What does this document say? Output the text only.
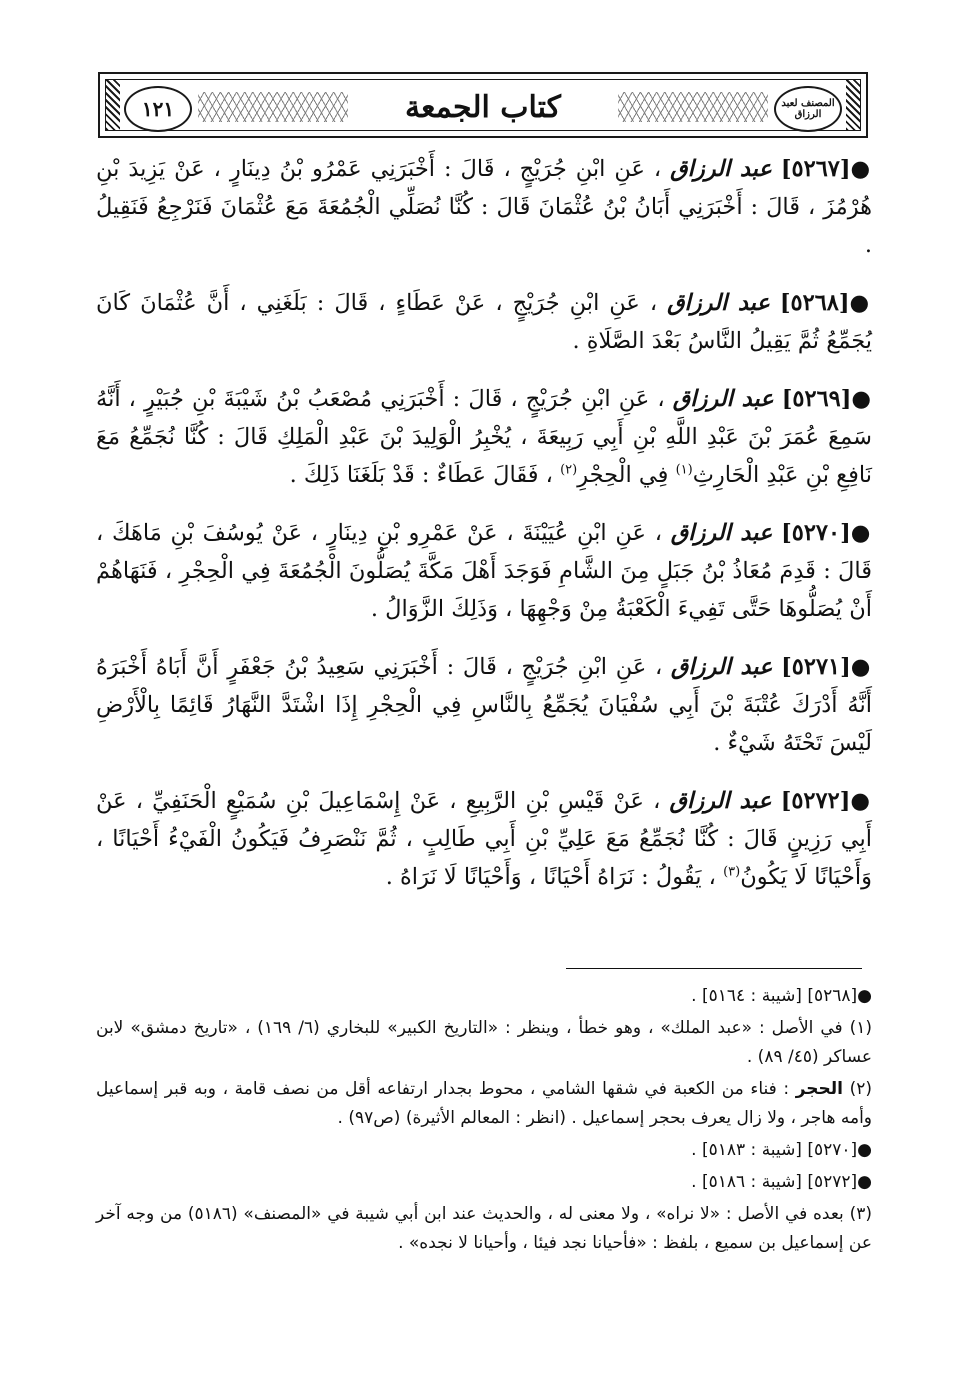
١٢١	كتاب الجمعة	المصنف لعبد الرزاق

●[٥٢٦٧] عبد الرزاق ، عَنِ ابْنِ جُرَيْجٍ ، قَالَ : أَخْبَرَنِي عَمْرُو بْنُ دِينَارٍ ، عَنْ يَزِيدَ بْنِ هُرْمُزَ ، قَالَ : أَخْبَرَنِي أَبَانُ بْنُ عُثْمَانَ قَالَ : كُنَّا نُصَلِّي الْجُمُعَةَ مَعَ عُثْمَانَ فَنَرْجِعُ فَنَقِيلُ .

●[٥٢٦٨] عبد الرزاق ، عَنِ ابْنِ جُرَيْجٍ ، عَنْ عَطَاءٍ ، قَالَ : بَلَغَنِي ، أَنَّ عُثْمَانَ كَانَ يُجَمِّعُ ثُمَّ يَقِيلُ النَّاسُ بَعْدَ الصَّلَاةِ .

●[٥٢٦٩] عبد الرزاق ، عَنِ ابْنِ جُرَيْجٍ ، قَالَ : أَخْبَرَنِي مُصْعَبُ بْنُ شَيْبَةَ بْنِ جُبَيْرٍ ، أَنَّهُ سَمِعَ عُمَرَ بْنَ عَبْدِ اللَّهِ بْنِ أَبِي رَبِيعَةَ ، يُخْبِرُ الْوَلِيدَ بْنَ عَبْدِ الْمَلِكِ قَالَ : كُنَّا نُجَمِّعُ مَعَ نَافِعِ بْنِ عَبْدِ الْحَارِثِ$^{(١)}$ فِي الْحِجْرِ$^{(٢)}$ ، فَقَالَ عَطَاءٌ : قَدْ بَلَغَنَا ذَلِكَ .

●[٥٢٧٠] عبد الرزاق ، عَنِ ابْنِ عُيَيْنَةَ ، عَنْ عَمْرِو بْنِ دِينَارٍ ، عَنْ يُوسُفَ بْنِ مَاهَكَ ، قَالَ : قَدِمَ مُعَاذُ بْنُ جَبَلٍ مِنَ الشَّامِ فَوَجَدَ أَهْلَ مَكَّةَ يُصَلُّونَ الْجُمُعَةَ فِي الْحِجْرِ ، فَنَهَاهُمْ أَنْ يُصَلُّوهَا حَتَّى تَفِيءَ الْكَعْبَةُ مِنْ وَجْهِهَا ، وَذَلِكَ الزَّوَالُ .

●[٥٢٧١] عبد الرزاق ، عَنِ ابْنِ جُرَيْجٍ ، قَالَ : أَخْبَرَنِي سَعِيدُ بْنُ جَعْفَرٍ أَنَّ أَبَاهُ أَخْبَرَهُ أَنَّهُ أَدْرَكَ عُتْبَةَ بْنَ أَبِي سُفْيَانَ يُجَمِّعُ بِالنَّاسِ فِي الْحِجْرِ إِذَا اشْتَدَّ النَّهَارُ قَائِمًا بِالْأَرْضِ لَيْسَ تَحْتَهُ شَيْءٌ .

●[٥٢٧٢] عبد الرزاق ، عَنْ قَيْسِ بْنِ الرَّبِيعِ ، عَنْ إِسْمَاعِيلَ بْنِ سُمَيْعٍ الْحَنَفِيِّ ، عَنْ أَبِي رَزِينٍ قَالَ : كُنَّا نُجَمِّعُ مَعَ عَلِيِّ بْنِ أَبِي طَالِبٍ ، ثُمَّ نَنْصَرِفُ فَيَكُونُ الْفَيْءُ أَحْيَانًا ، وَأَحْيَانًا لَا يَكُونُ$^{(٣)}$ ، يَقُولُ : نَرَاهُ أَحْيَانًا ، وَأَحْيَانًا لَا نَرَاهُ .

●[٥٢٦٨] [شيبة : ٥١٦٤] .

(١) في الأصل : «عبد الملك» ، وهو خطأ ، وينظر : «التاريخ الكبير» للبخاري (٦/ ١٦٩) ، «تاريخ دمشق» لابن عساكر (٤٥/ ٨٩) .

(٢) الحجر : فناء من الكعبة في شقها الشامي ، محوط بجدار ارتفاعه أقل من نصف قامة ، وبه قبر إسماعيل وأمه هاجر ، ولا زال يعرف بحجر إسماعيل . (انظر : المعالم الأثيرة) (ص٩٧) .

●[٥٢٧٠] [شيبة : ٥١٨٣] .

●[٥٢٧٢] [شيبة : ٥١٨٦] .

(٣) بعده في الأصل : «لا نراه» ، ولا معنى له ، والحديث عند ابن أبي شيبة في «المصنف» (٥١٨٦) من وجه آخر عن إسماعيل بن سميع ، بلفظ : «فأحيانا نجد فيئا ، وأحيانا لا نجده» .
